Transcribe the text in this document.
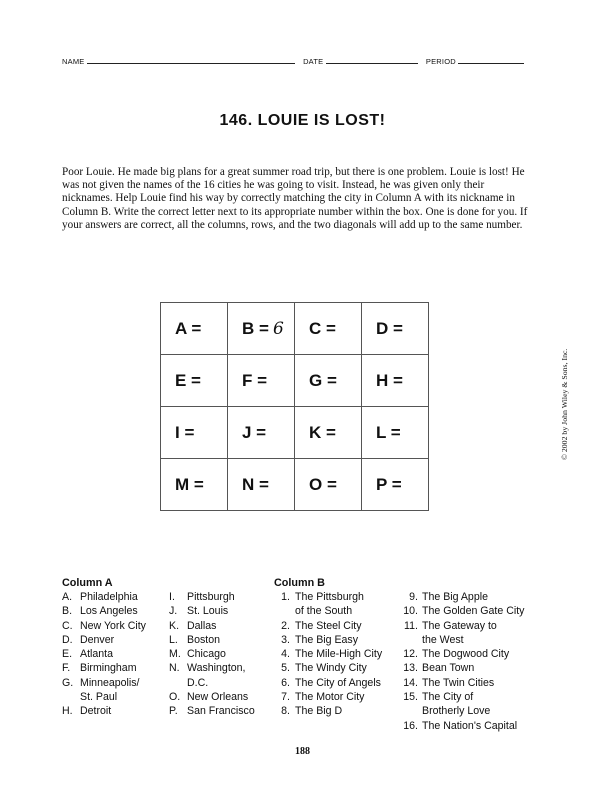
NAME	DATE	PERIOD
146. LOUIE IS LOST!
Poor Louie. He made big plans for a great summer road trip, but there is one problem. Louie is lost! He was not given the names of the 16 cities he was going to visit. Instead, he was given only their nicknames. Help Louie find his way by correctly matching the city in Column A with its nickname in Column B. Write the correct letter next to its appropriate number within the box. One is done for you. If your answers are correct, all the columns, rows, and the two diagonals will add up to the same number.
A =	B = 6	C =	D =
E =	F =	G =	H =
I =	J =	K =	L =
M =	N =	O =	P =
© 2002 by John Wiley & Sons, Inc.
Column A
A. Philadelphia
B. Los Angeles
C. New York City
D. Denver
E. Atlanta
F. Birmingham
G. Minneapolis/
St. Paul
H. Detroit
I. Pittsburgh
J. St. Louis
K. Dallas
L. Boston
M. Chicago
N. Washington,
D.C.
O. New Orleans
P. San Francisco
Column B
1. The Pittsburgh
of the South
2. The Steel City
3. The Big Easy
4. The Mile-High City
5. The Windy City
6. The City of Angels
7. The Motor City
8. The Big D
9. The Big Apple
10. The Golden Gate City
11. The Gateway to
the West
12. The Dogwood City
13. Bean Town
14. The Twin Cities
15. The City of
Brotherly Love
16. The Nation's Capital
188
